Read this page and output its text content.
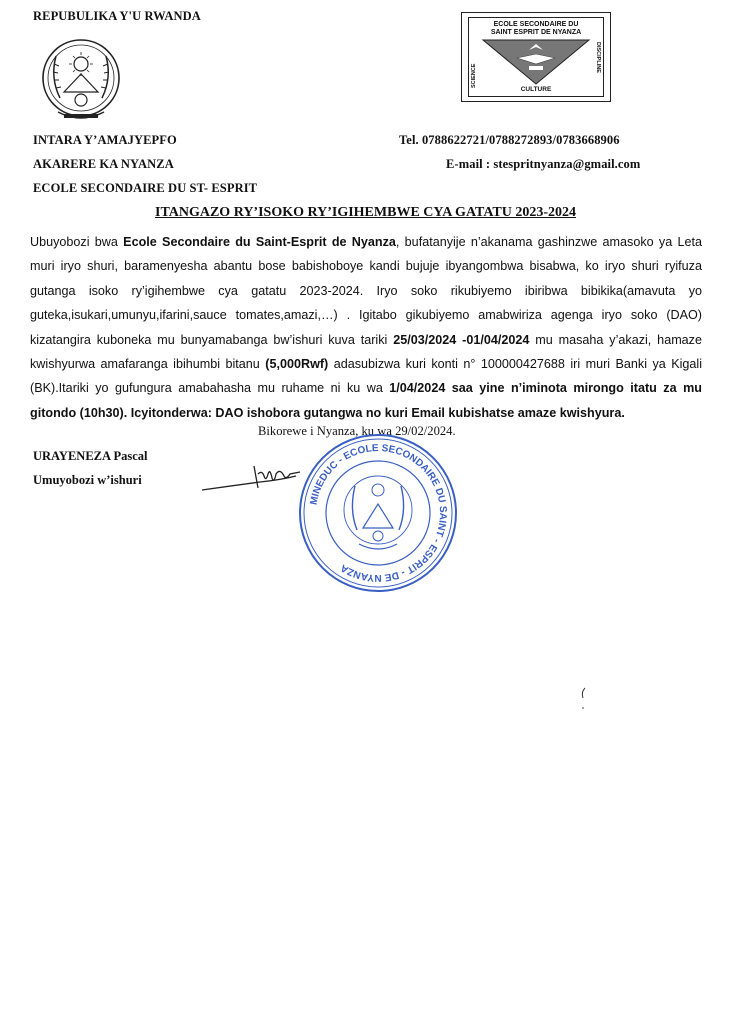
REPUBULIKA Y'U RWANDA
INTARA Y’AMAJYEPFO
AKARERE KA NYANZA
ECOLE SECONDAIRE DU ST- ESPRIT
Tel. 0788622721/0788272893/0783668906
E-mail : stespritnyanza@gmail.com
ECOLE SECONDAIRE DU
SAINT ESPRIT DE NYANZA
SCIENCE
DISCIPLINE
CULTURE
ITANGAZO RY’ISOKO RY’IGIHEMBWE CYA GATATU 2023-2024
Ubuyobozi bwa Ecole Secondaire du Saint-Esprit de Nyanza, bufatanyije n’akanama gashinzwe amasoko ya Leta muri iryo shuri, baramenyesha abantu bose babishoboye kandi bujuje ibyangombwa bisabwa, ko iryo shuri ryifuza gutanga isoko ry’igihembwe cya gatatu 2023-2024. Iryo soko rikubiyemo ibiribwa bibikika(amavuta yo guteka,isukari,umunyu,ifarini,sauce tomates,amazi,…) . Igitabo gikubiyemo amabwiriza agenga iryo soko (DAO) kizatangira kuboneka mu bunyamabanga bw’ishuri kuva tariki 25/03/2024 -01/04/2024 mu masaha y’akazi, hamaze kwishyurwa amafaranga ibihumbi bitanu (5,000Rwf) adasubizwa kuri konti n° 100000427688 iri muri Banki ya Kigali (BK).Itariki yo gufungura amabahasha mu ruhame ni ku wa 1/04/2024 saa yine n’iminota mirongo itatu za mu gitondo (10h30). Icyitonderwa: DAO ishobora gutangwa no kuri Email kubishatse amaze kwishyura.
Bikorewe i Nyanza, ku wa 29/02/2024.
URAYENEZA Pascal
Umuyobozi w’ishuri
MINEDUC - ECOLE SECONDAIRE DU SAINT - ESPRIT - DE NYANZA
